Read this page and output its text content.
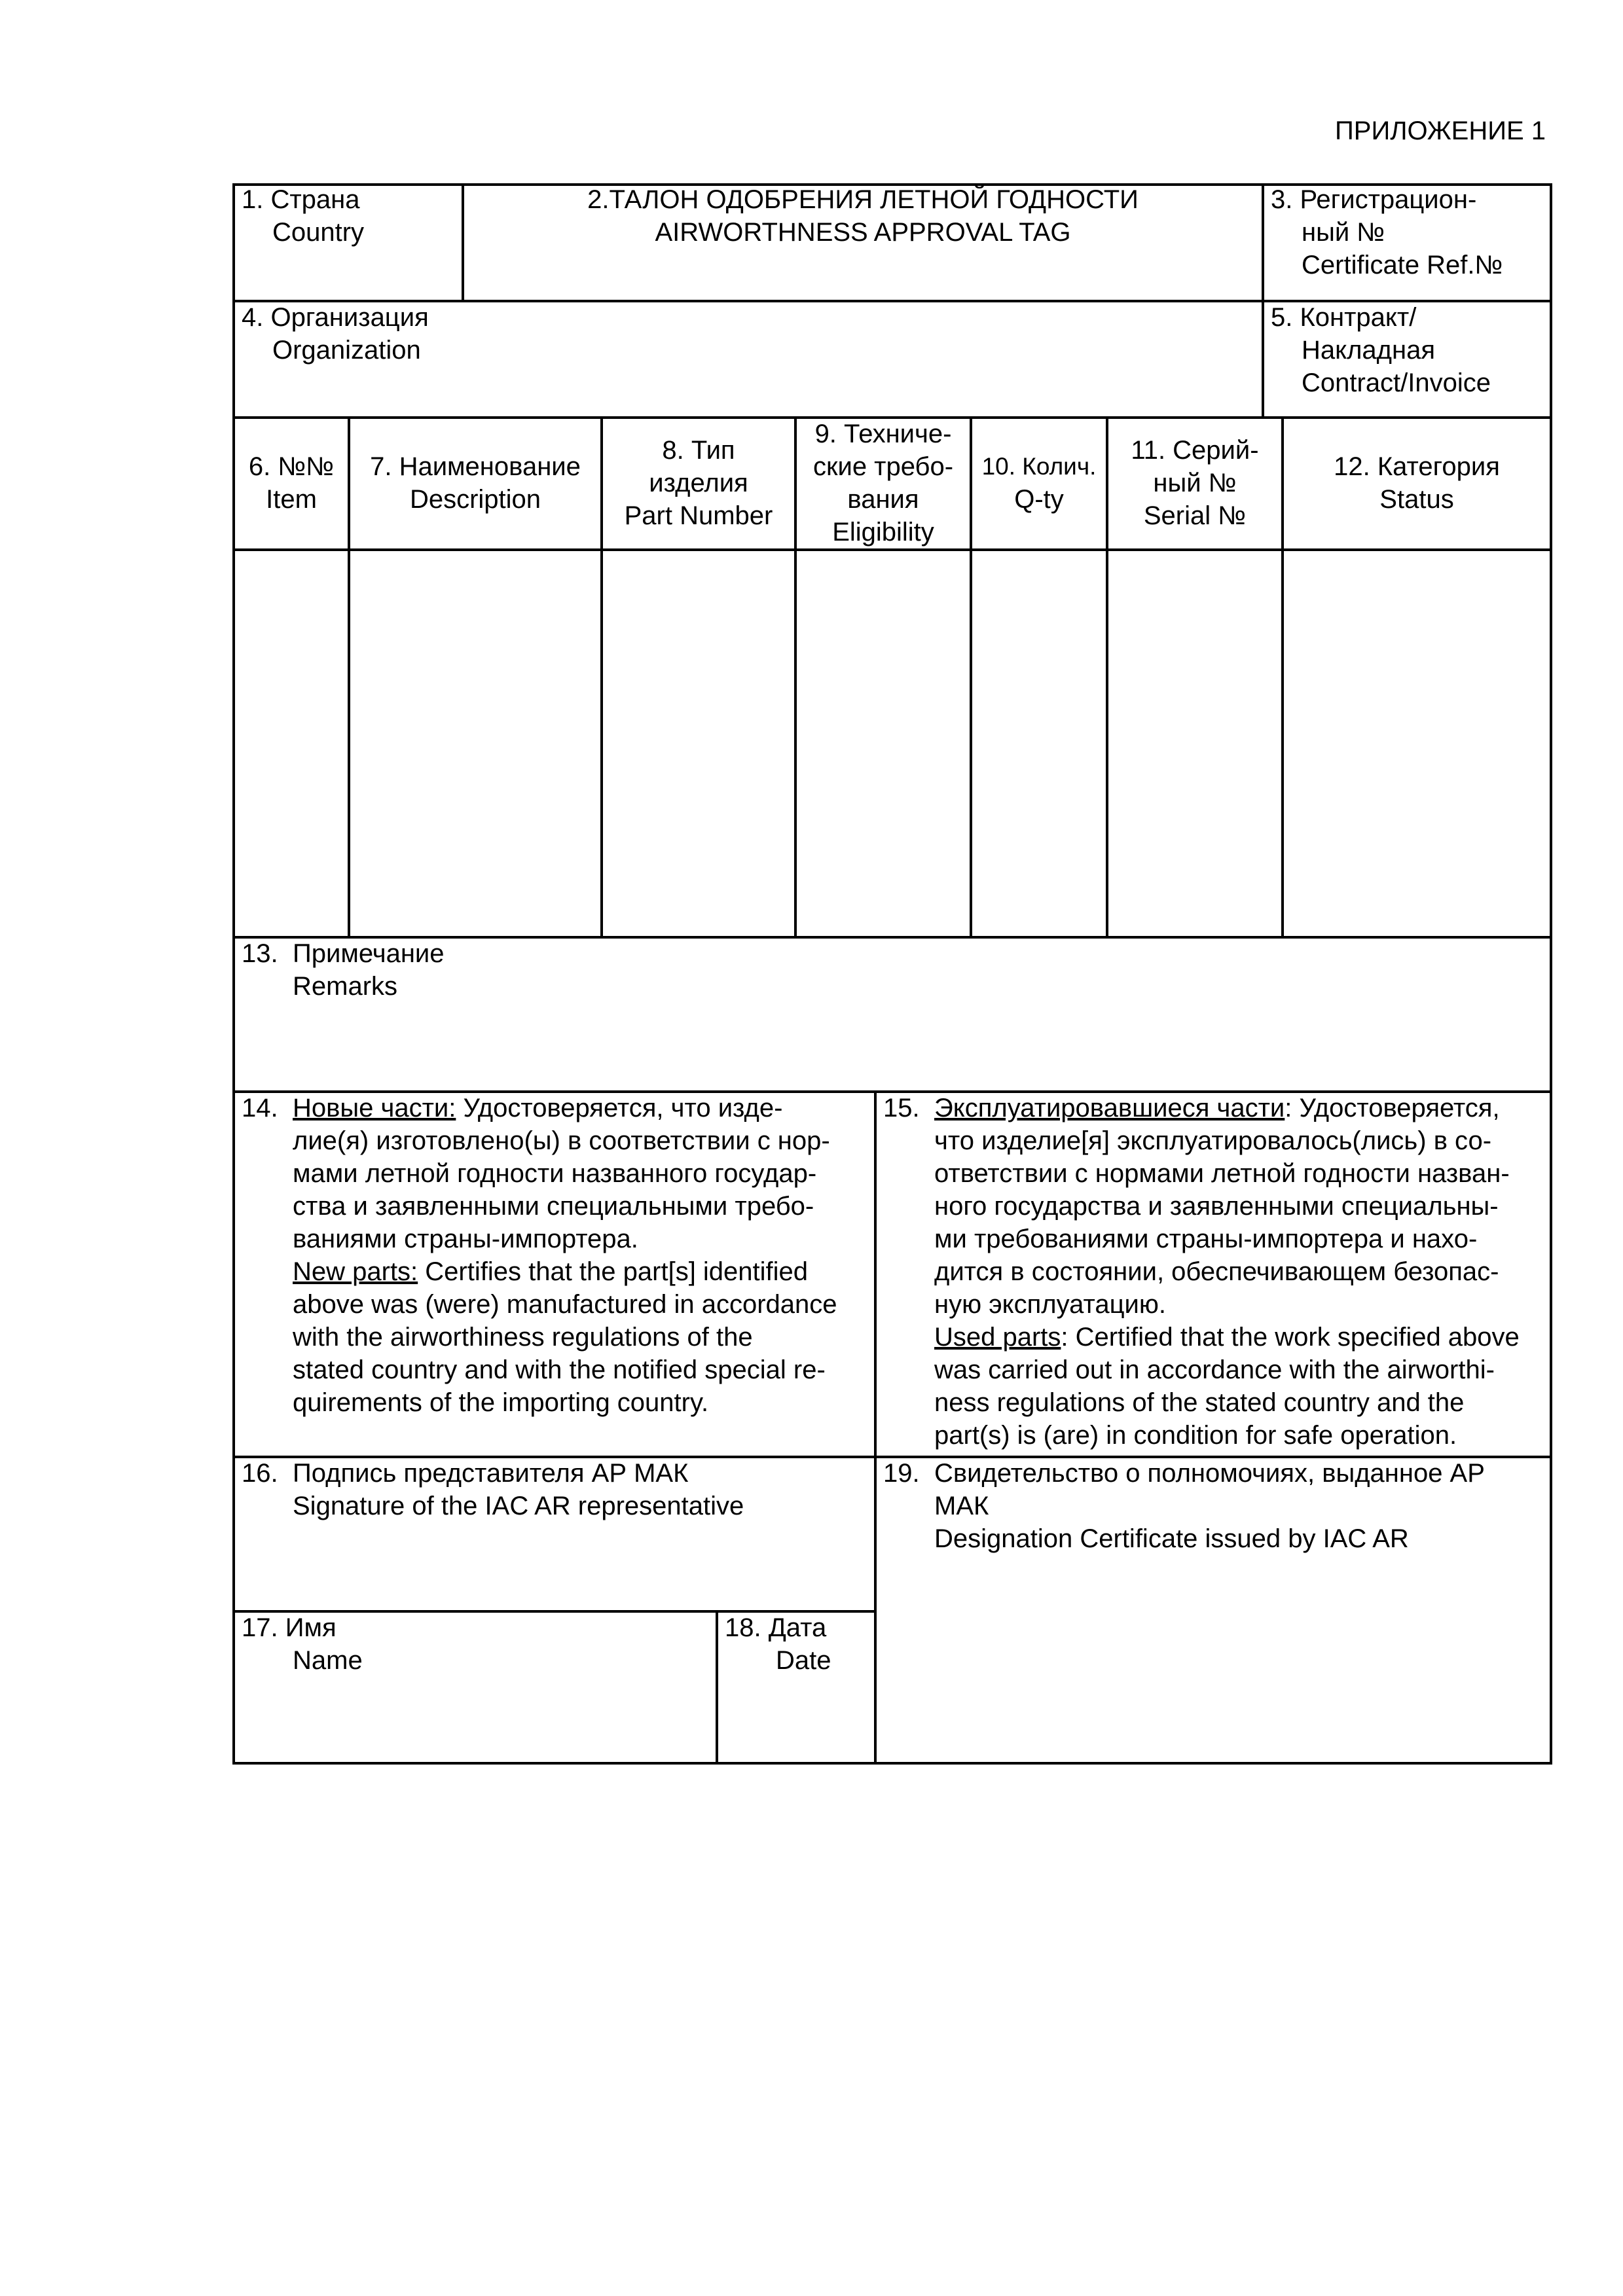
ПРИЛОЖЕНИЕ 1
1. Страна
Country
2.ТАЛОН ОДОБРЕНИЯ ЛЕТНОЙ ГОДНОСТИ
AIRWORTHNESS APPROVAL TAG
3. Регистрацион-
ный №
Certificate Ref.№
4. Организация
Organization
5. Контракт/
Накладная
Contract/Invoice
6. №№
Item
7. Наименование
Description
8. Тип
изделия
Part Number
9. Техниче-
ские требо-
вания
Eligibility
10. Колич.
Q-ty
11. Серий-
ный №
Serial №
12. Категория
Status
13. Примечание
Remarks
14. Новые части: Удостоверяется, что изде-

лие(я) изготовлено(ы) в соответствии с нор-

мами летной годности названного государ-

ства и заявленными специальными требо-

ваниями страны-импортера.

New parts: Certifies that the part[s] identified

above was (were) manufactured in accordance

with the airworthiness regulations of the

stated country and with the notified special re-

quirements of the importing country.

15. Эксплуатировавшиеся части: Удостоверяется,

что изделие[я] эксплуатировалось(лись) в со-

ответствии с нормами летной годности назван-

ного государства и заявленными специальны-

ми требованиями страны-импортера и нахо-

дится в состоянии, обеспечивающем безопас-

ную эксплуатацию.

Used parts: Certified that the work specified above

was carried out in accordance with the airworthi-

ness regulations of the stated country and the

part(s) is (are) in condition for safe operation.

16. Подпись представителя АР МАК
Signature of the IAC AR representative
17. Имя
Name
18. Дата
Date
19. Свидетельство о полномочиях, выданное АР
МАК
Designation Certificate issued by IAC AR
